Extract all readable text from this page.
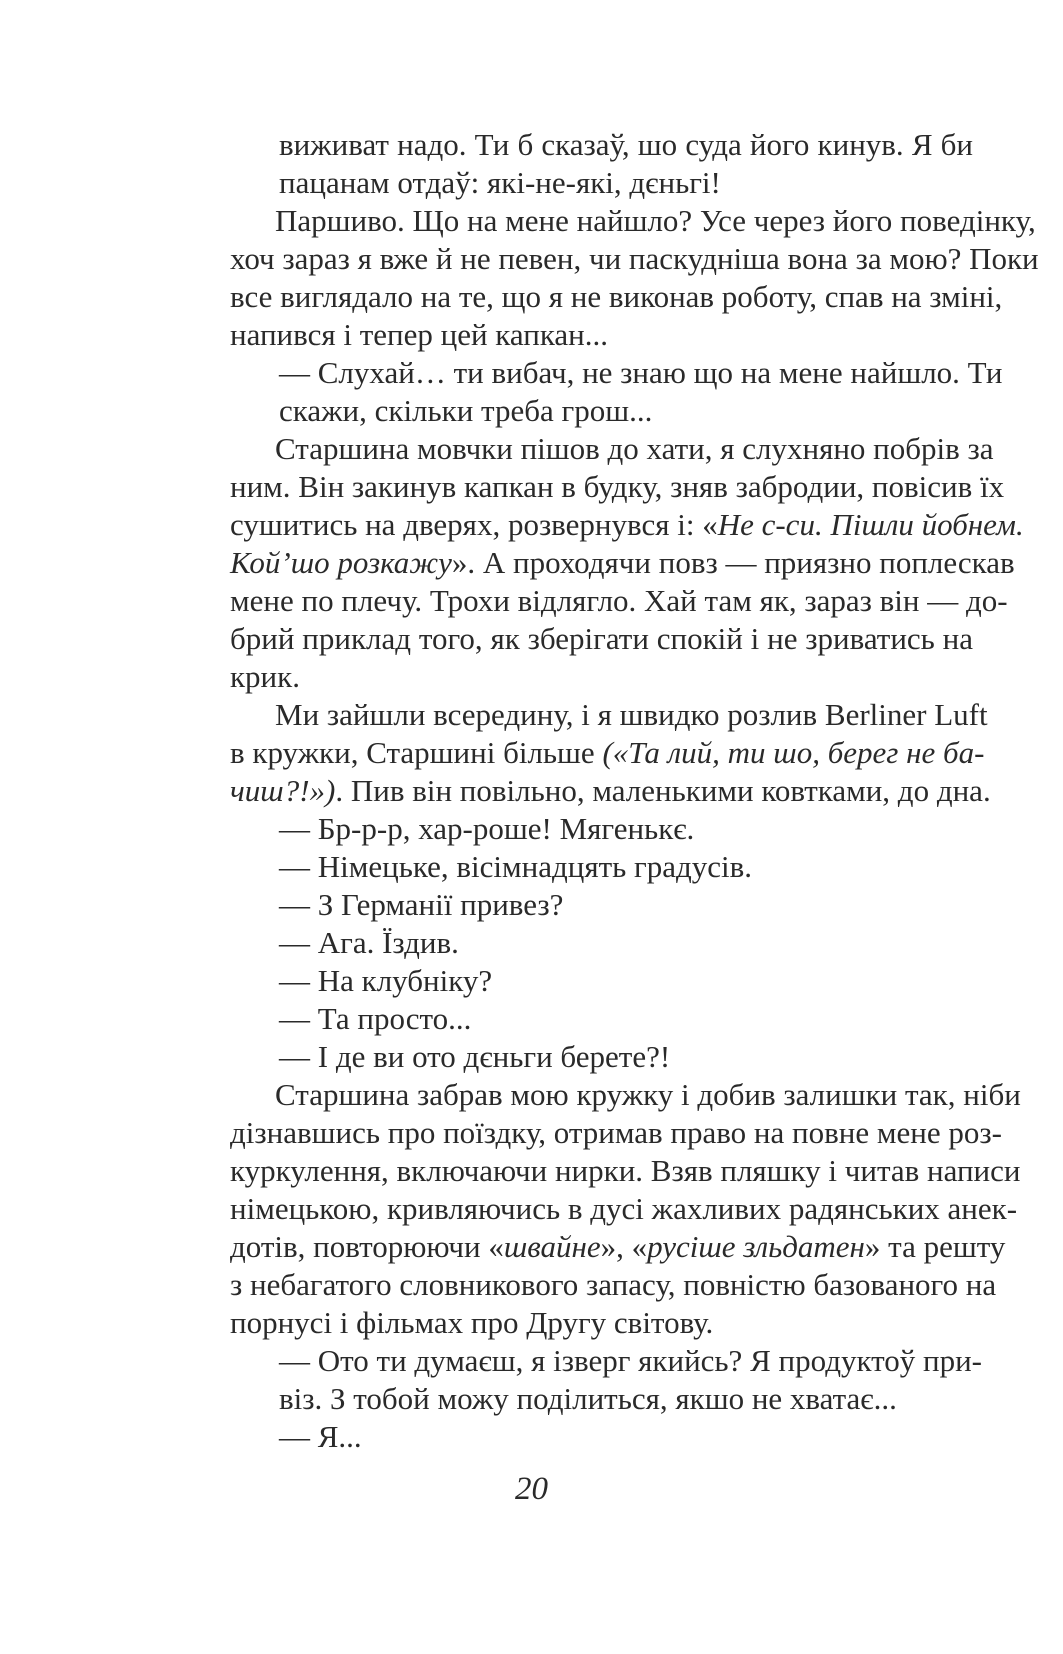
виживат надо. Ти б сказаў, шо суда його кинув. Я би
пацанам отдаў: які-не-які, дєньгі!
Паршиво. Що на мене найшло? Усе через його поведінку,
хоч зараз я вже й не певен, чи паскудніша вона за мою? Поки
все виглядало на те, що я не виконав роботу, спав на зміні,
напився і тепер цей капкан...
— Слухай… ти вибач, не знаю що на мене найшло. Ти
скажи, скільки треба грош...
Старшина мовчки пішов до хати, я слухняно побрів за
ним. Він закинув капкан в будку, зняв забродии, повісив їх
сушитись на дверях, розвернувся і: «Не с-си. Пішли йобнем.
Кой’шо розкажу». А проходячи повз — приязно поплескав
мене по плечу. Трохи відлягло. Хай там як, зараз він — до-
брий приклад того, як зберігати спокій і не зриватись на
крик.
Ми зайшли всередину, і я швидко розлив Berliner Luft
в кружки, Старшині більше («Та лий, ти шо, берег не ба-
чиш?!»). Пив він повільно, маленькими ковтками, до дна.
— Бр-р-р, хар-роше! Мягенькє.
— Німецьке, вісімнадцять градусів.
— З Германії привез?
— Ага. Їздив.
— На клубніку?
— Та просто...
— І де ви ото дєньги берете?!
Старшина забрав мою кружку і добив залишки так, ніби
дізнавшись про поїздку, отримав право на повне мене роз-
куркулення, включаючи нирки. Взяв пляшку і читав написи
німецькою, кривляючись в дусі жахливих радянських анек-
дотів, повторюючи «швайне», «русіше зльдатен» та решту
з небагатого словникового запасу, повністю базованого на
порнусі і фільмах про Другу світову.
— Ото ти думаєш, я ізверг якийсь? Я продуктоў при-
віз. З тобой можу поділиться, якшо не хватає...
— Я...
20
